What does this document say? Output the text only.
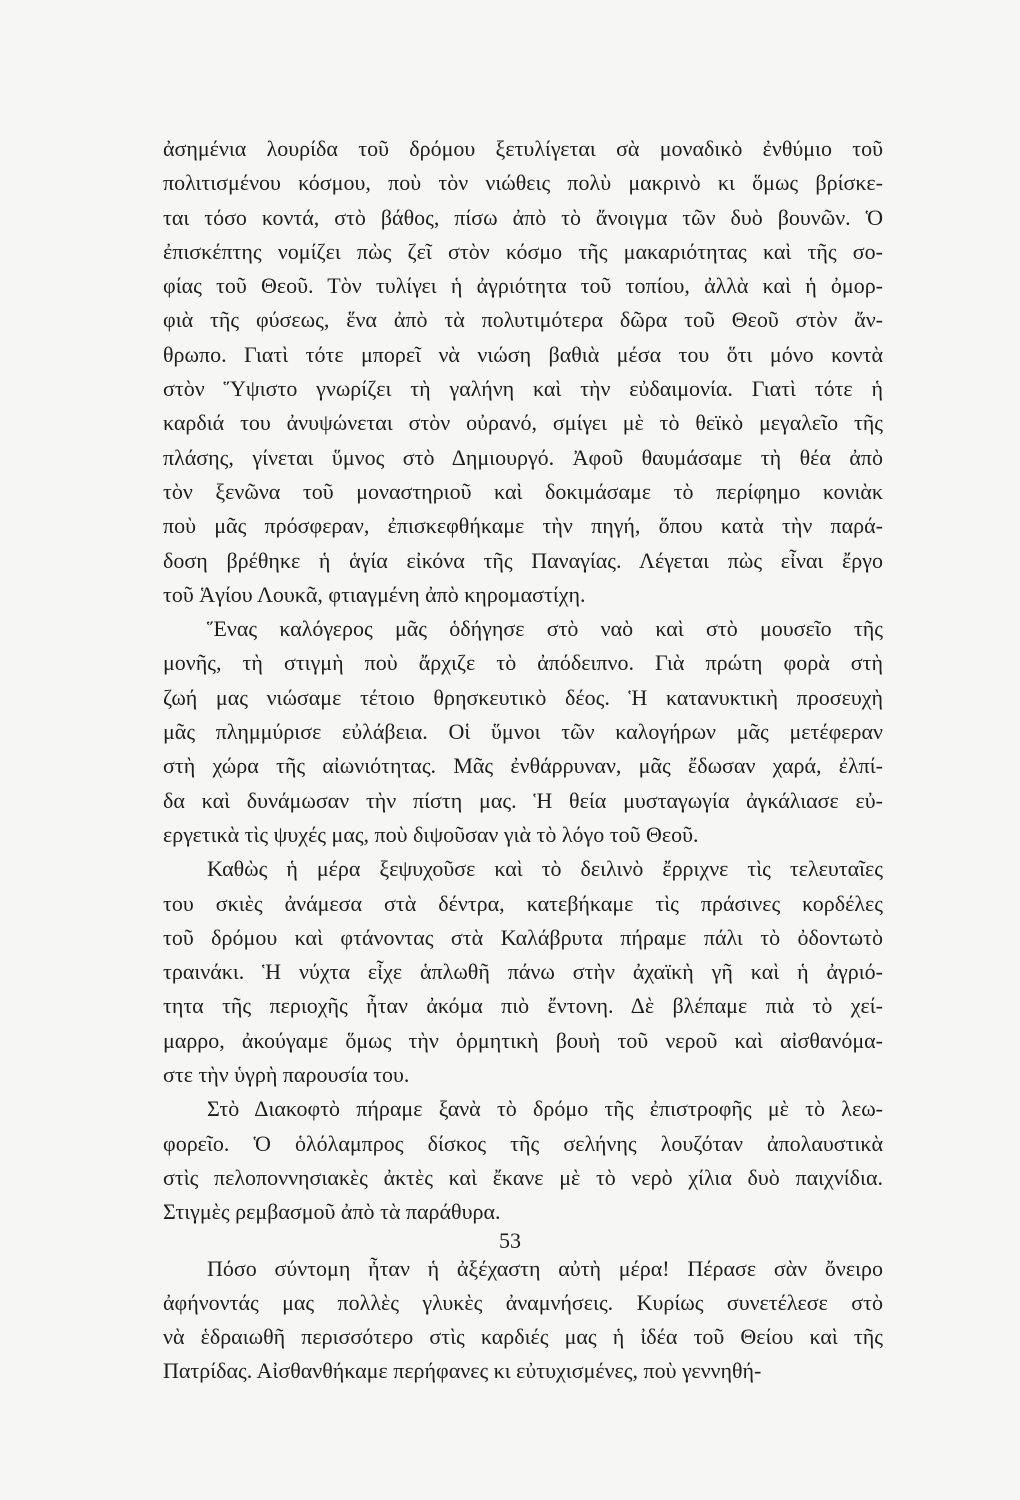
ἀσημένια λουρίδα τοῦ δρόμου ξετυλίγεται σὰ μοναδικὸ ἐνθύμιο τοῦ
πολιτισμένου κόσμου, ποὺ τὸν νιώθεις πολὺ μακρινὸ κι ὅμως βρίσκε-
ται τόσο κοντά, στὸ βάθος, πίσω ἀπὸ τὸ ἄνοιγμα τῶν δυὸ βουνῶν. Ὁ
ἐπισκέπτης νομίζει πὼς ζεῖ στὸν κόσμο τῆς μακαριότητας καὶ τῆς σο-
φίας τοῦ Θεοῦ. Τὸν τυλίγει ἡ ἀγριότητα τοῦ τοπίου, ἀλλὰ καὶ ἡ ὀμορ-
φιὰ τῆς φύσεως, ἕνα ἀπὸ τὰ πολυτιμότερα δῶρα τοῦ Θεοῦ στὸν ἄν-
θρωπο. Γιατὶ τότε μπορεῖ νὰ νιώση βαθιὰ μέσα του ὅτι μόνο κοντὰ
στὸν Ὕψιστο γνωρίζει τὴ γαλήνη καὶ τὴν εὐδαιμονία. Γιατὶ τότε ἡ
καρδιά του ἀνυψώνεται στὸν οὐρανό, σμίγει μὲ τὸ θεϊκὸ μεγαλεῖο τῆς
πλάσης, γίνεται ὕμνος στὸ Δημιουργό. Ἀφοῦ θαυμάσαμε τὴ θέα ἀπὸ
τὸν ξενῶνα τοῦ μοναστηριοῦ καὶ δοκιμάσαμε τὸ περίφημο κονιὰκ
ποὺ μᾶς πρόσφεραν, ἐπισκεφθήκαμε τὴν πηγή, ὅπου κατὰ τὴν παρά-
δοση βρέθηκε ἡ ἁγία εἰκόνα τῆς Παναγίας. Λέγεται πὼς εἶναι ἔργο
τοῦ Ἁγίου Λουκᾶ, φτιαγμένη ἀπὸ κηρομαστίχη.
Ἕνας καλόγερος μᾶς ὁδήγησε στὸ ναὸ καὶ στὸ μουσεῖο τῆς
μονῆς, τὴ στιγμὴ ποὺ ἄρχιζε τὸ ἀπόδειπνο. Γιὰ πρώτη φορὰ στὴ
ζωή μας νιώσαμε τέτοιο θρησκευτικὸ δέος. Ἡ κατανυκτικὴ προσευχὴ
μᾶς πλημμύρισε εὐλάβεια. Οἱ ὕμνοι τῶν καλογήρων μᾶς μετέφεραν
στὴ χώρα τῆς αἰωνιότητας. Μᾶς ἐνθάρρυναν, μᾶς ἔδωσαν χαρά, ἐλπί-
δα καὶ δυνάμωσαν τὴν πίστη μας. Ἡ θεία μυσταγωγία ἀγκάλιασε εὐ-
εργετικὰ τὶς ψυχές μας, ποὺ διψοῦσαν γιὰ τὸ λόγο τοῦ Θεοῦ.
Καθὼς ἡ μέρα ξεψυχοῦσε καὶ τὸ δειλινὸ ἔρριχνε τὶς τελευταῖες
του σκιὲς ἀνάμεσα στὰ δέντρα, κατεβήκαμε τὶς πράσινες κορδέλες
τοῦ δρόμου καὶ φτάνοντας στὰ Καλάβρυτα πήραμε πάλι τὸ ὀδοντωτὸ
τραινάκι. Ἡ νύχτα εἶχε ἁπλωθῆ πάνω στὴν ἀχαϊκὴ γῆ καὶ ἡ ἀγριό-
τητα τῆς περιοχῆς ἦταν ἀκόμα πιὸ ἔντονη. Δὲ βλέπαμε πιὰ τὸ χεί-
μαρρο, ἀκούγαμε ὅμως τὴν ὁρμητικὴ βουὴ τοῦ νεροῦ καὶ αἰσθανόμα-
στε τὴν ὑγρὴ παρουσία του.
Στὸ Διακοφτὸ πήραμε ξανὰ τὸ δρόμο τῆς ἐπιστροφῆς μὲ τὸ λεω-
φορεῖο. Ὁ ὁλόλαμπρος δίσκος τῆς σελήνης λουζόταν ἀπολαυστικὰ
στὶς πελοποννησιακὲς ἀκτὲς καὶ ἔκανε μὲ τὸ νερὸ χίλια δυὸ παιχνίδια.
Στιγμὲς ρεμβασμοῦ ἀπὸ τὰ παράθυρα.
Πόσο σύντομη ἦταν ἡ ἀξέχαστη αὐτὴ μέρα! Πέρασε σὰν ὄνειρο
ἀφήνοντάς μας πολλὲς γλυκὲς ἀναμνήσεις. Κυρίως συνετέλεσε στὸ
νὰ ἑδραιωθῆ περισσότερο στὶς καρδιές μας ἡ ἰδέα τοῦ Θείου καὶ τῆς
Πατρίδας. Αἰσθανθήκαμε περήφανες κι εὐτυχισμένες, ποὺ γεννηθή-
53
